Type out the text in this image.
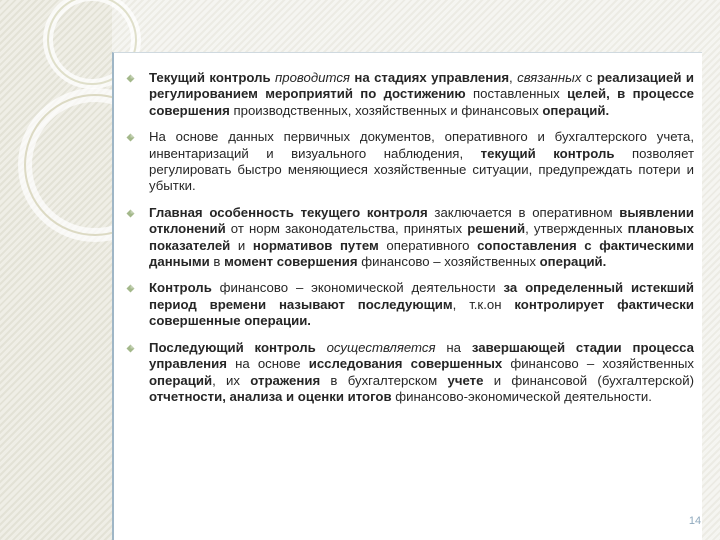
Текущий контроль проводится на стадиях управления, связанных с реализацией и регулированием мероприятий по достижению поставленных целей, в процессе совершения производственных, хозяйственных и финансовых операций.
На основе данных первичных документов, оперативного и бухгалтерского учета, инвентаризаций и визуального наблюдения, текущий контроль позволяет регулировать быстро меняющиеся хозяйственные ситуации, предупреждать потери и убытки.
Главная особенность текущего контроля заключается в оперативном выявлении отклонений от норм законодательства, принятых решений, утвержденных плановых показателей и нормативов путем оперативного сопоставления с фактическими данными в момент совершения финансово – хозяйственных операций.
Контроль финансово – экономической деятельности за определенный истекший период времени называют последующим, т.к.он контролирует фактически совершенные операции.
Последующий контроль осуществляется на завершающей стадии процесса управления на основе исследования совершенных финансово – хозяйственных операций, их отражения в бухгалтерском учете и финансовой (бухгалтерской) отчетности, анализа и оценки итогов финансово-экономической деятельности.
14
